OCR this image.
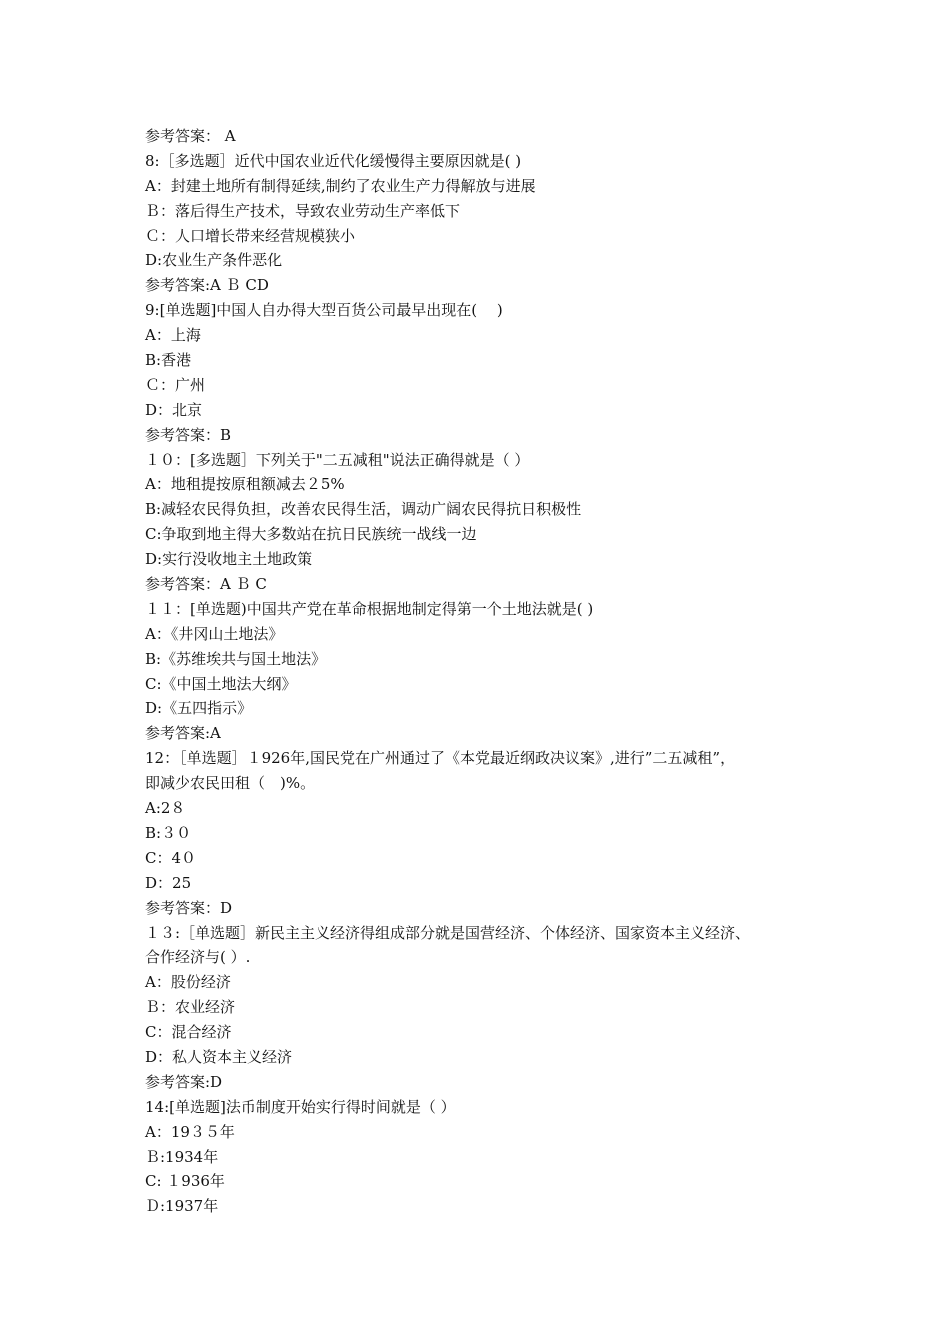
参考答案： A
8:［多选题］近代中国农业近代化缓慢得主要原因就是( )
A：封建土地所有制得延续,制约了农业生产力得解放与进展
Ｂ：落后得生产技术，导致农业劳动生产率低下
Ｃ：人口增长带来经营规模狭小
D:农业生产条件恶化
参考答案:A Ｂ CD
9:[单选题]中国人自办得大型百货公司最早出现在(　 )
A：上海
B:香港
Ｃ：广州
D：北京
参考答案：B
１０：[多选题］下列关于"二五减租"说法正确得就是（ ）
A：地租提按原租额减去２5%
B:减轻农民得负担，改善农民得生活，调动广阔农民得抗日积极性
C:争取到地主得大多数站在抗日民族统一战线一边
D:实行没收地主土地政策
参考答案：A Ｂ C
１１：[单选题)中国共产党在革命根据地制定得第一个土地法就是( )
A：《井冈山土地法》
B:《苏维埃共与国土地法》
C:《中国土地法大纲》
D:《五四指示》
参考答案:A
12：［单选题］１926年,国民党在广州通过了《本党最近纲政决议案》,进行”二五减租”，
即减少农民田租（　)%。
A:2８
B:３０
C：4０
D：25
参考答案：D
１３:［单选题］新民主主义经济得组成部分就是国营经济、个体经济、国家资本主义经济、
合作经济与( ）.
A：股份经济
Ｂ：农业经济
C：混合经济
D：私人资本主义经济
参考答案:D
14:[单选题]法币制度开始实行得时间就是（ ）
A：19３５年
Ｂ:1934年
C: １936年
Ｄ:1937年
